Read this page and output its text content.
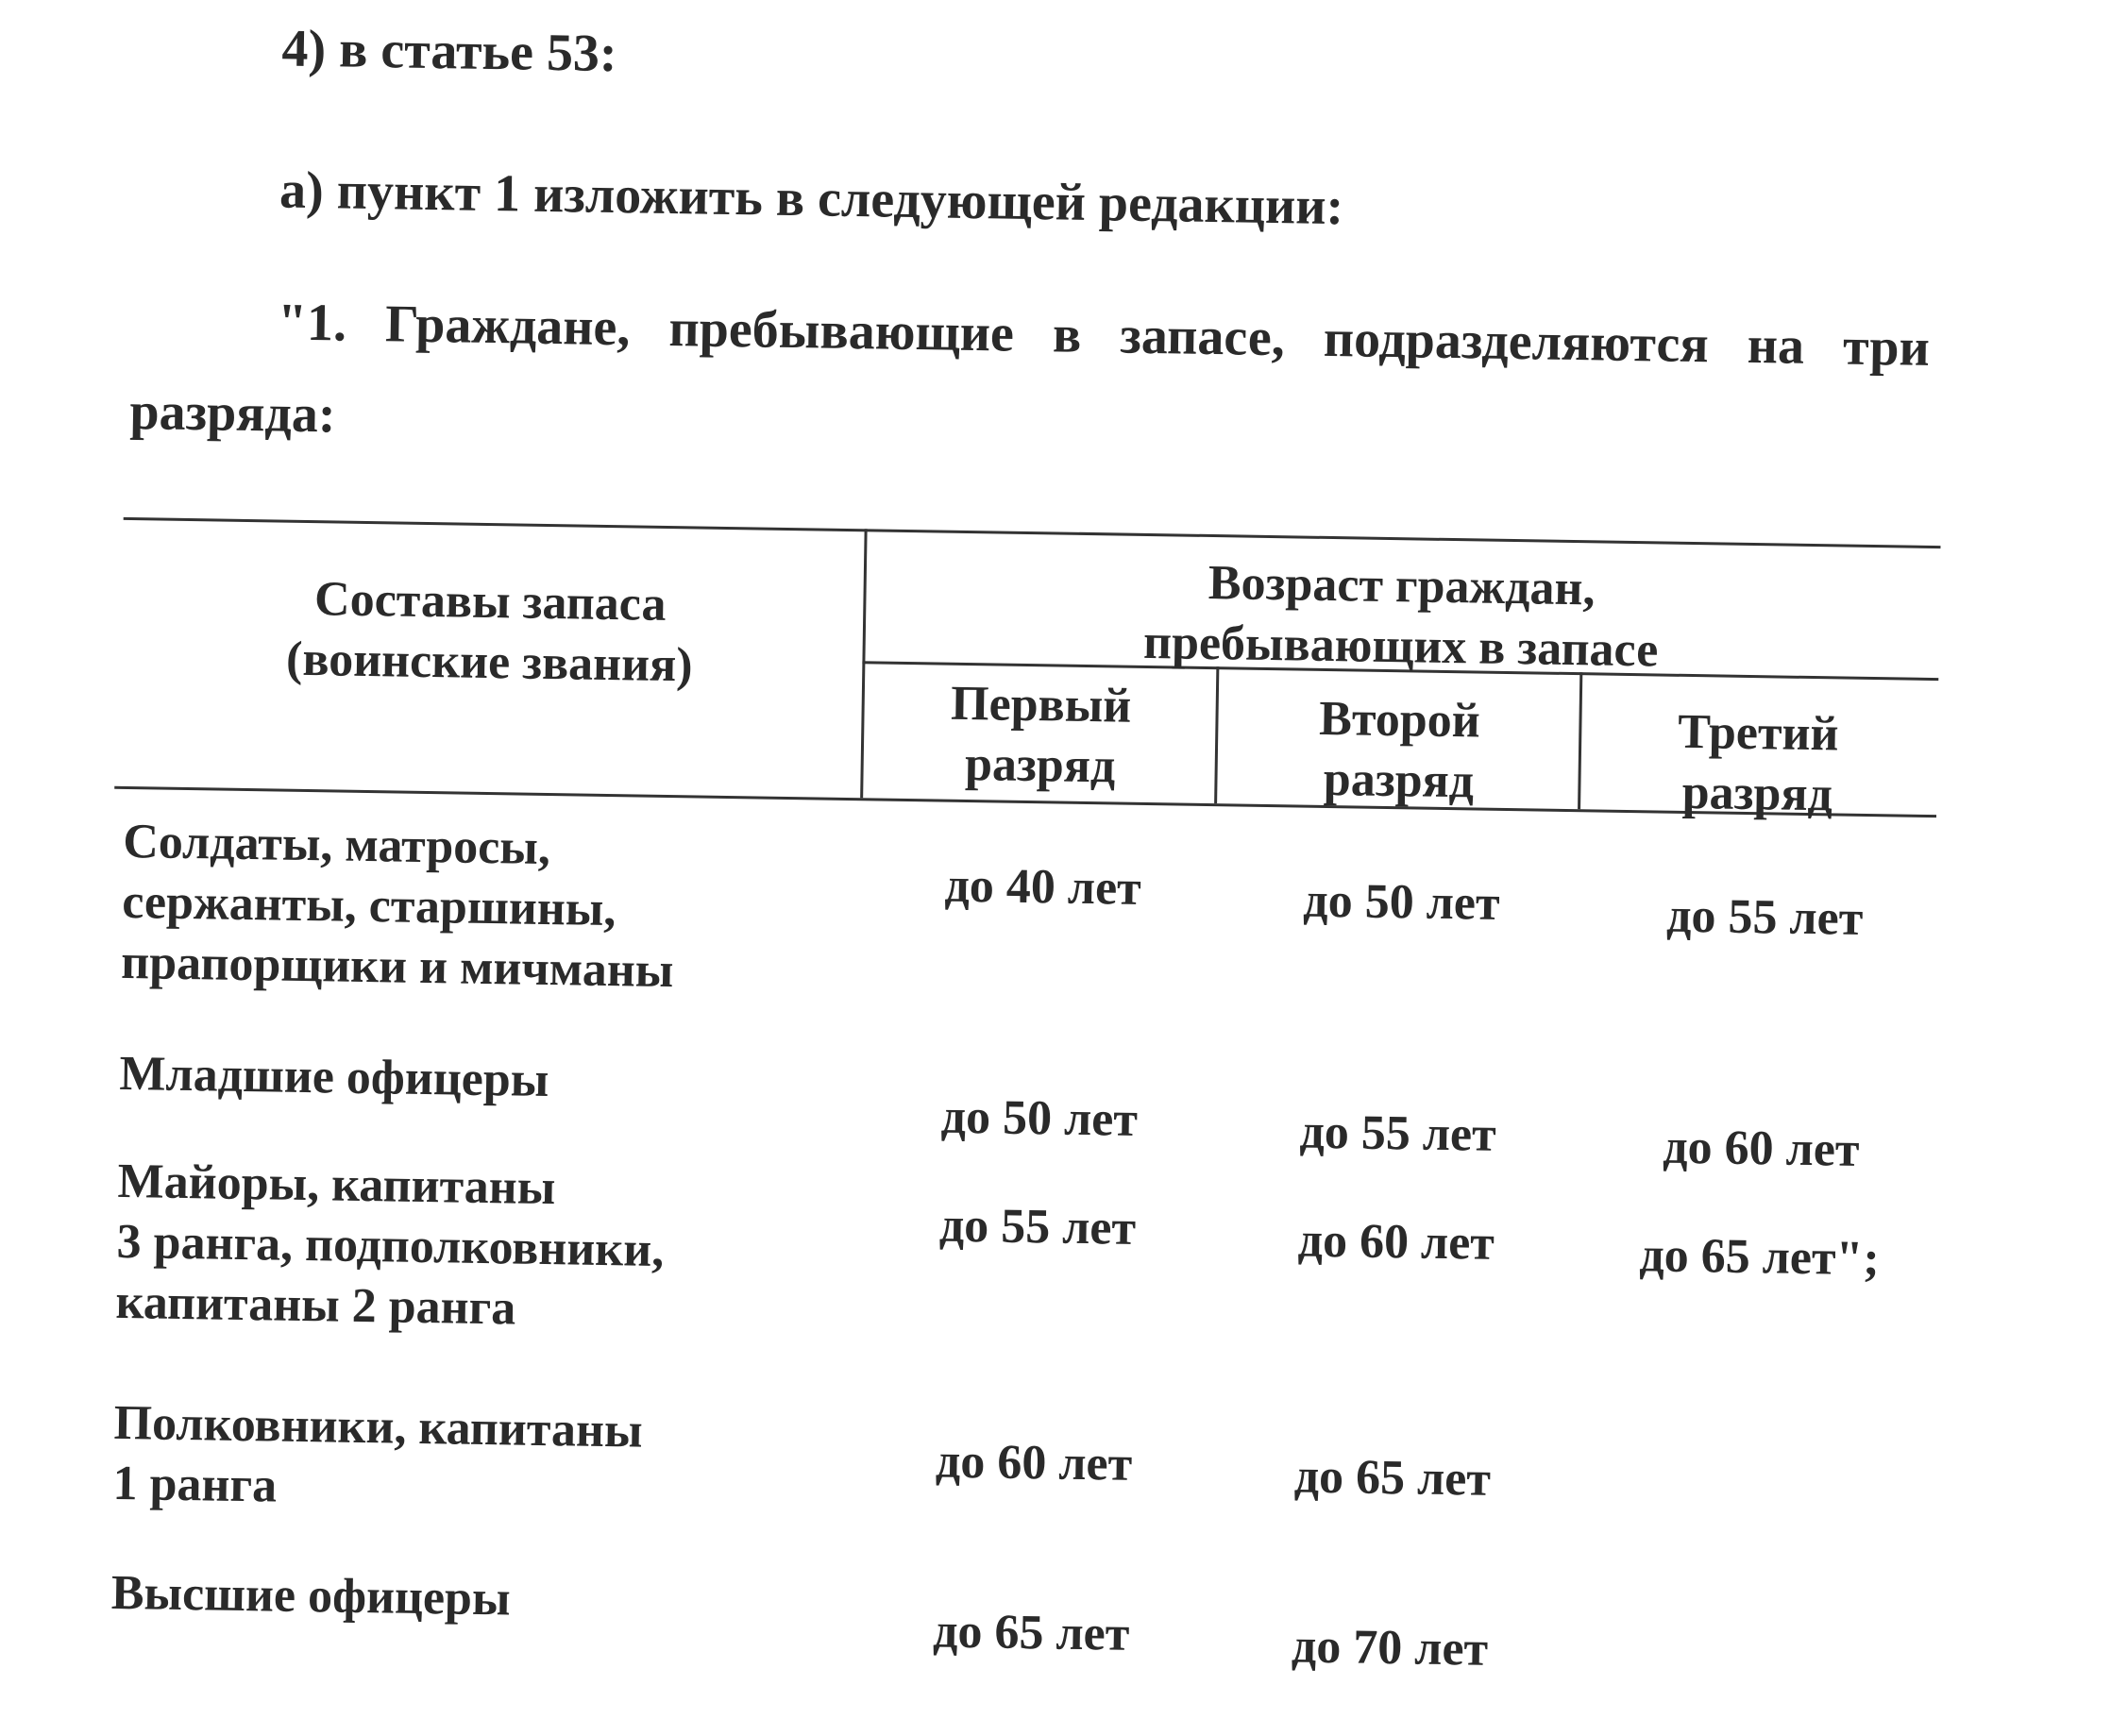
4) в статье 53:
а) пункт 1 изложить в следующей редакции:
"1. Граждане, пребывающие в запасе, подразделяются на три
разряда:
Составы запаса
(воинские звания)
Возраст граждан,
пребывающих в запасе
Первый
разряд
Второй
разряд
Третий
разряд
Солдаты, матросы,
сержанты, старшины,
прапорщики и мичманы
до 40 лет	до 50 лет	до 55 лет
Младшие офицеры
до 50 лет	до 55 лет	до 60 лет
Майоры, капитаны
3 ранга, подполковники,
капитаны 2 ранга
до 55 лет	до 60 лет	до 65 лет";
Полковники, капитаны
1 ранга	до 60 лет	до 65 лет
Высшие офицеры
до 65 лет	до 70 лет
